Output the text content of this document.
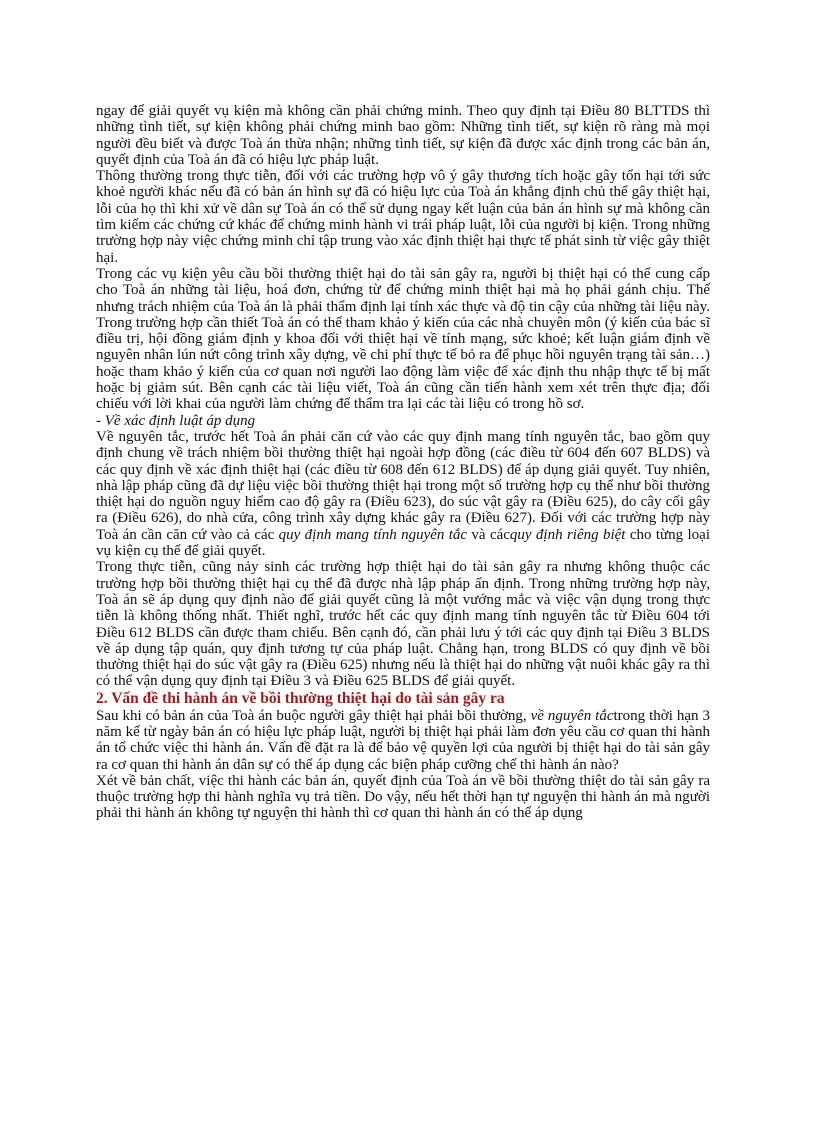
ngay để giải quyết vụ kiện mà không cần phải chứng minh. Theo quy định tại Điều 80 BLTTDS thì những tình tiết, sự kiện không phải chứng minh bao gồm: Những tình tiết, sự kiện rõ ràng mà mọi người đều biết và được Toà án thừa nhận; những tình tiết, sự kiện đã được xác định trong các bản án, quyết định của Toà án đã có hiệu lực pháp luật.

Thông thường trong thực tiễn, đối với các trường hợp vô ý gây thương tích hoặc gây tổn hại tới sức khoẻ người khác nếu đã có bản án hình sự đã có hiệu lực của Toà án khẳng định chủ thể gây thiệt hại, lỗi của họ thì khi xử về dân sự Toà án có thể sử dụng ngay kết luận của bản án hình sự mà không cần tìm kiếm các chứng cứ khác để chứng minh hành vi trái pháp luật, lỗi của người bị kiện. Trong những trường hợp này việc chứng minh chỉ tập trung vào xác định thiệt hại thực tế phát sinh từ việc gây thiệt hại.

Trong các vụ kiện yêu cầu bồi thường thiệt hại do tài sản gây ra, người bị thiệt hại có thể cung cấp cho Toà án những tài liệu, hoá đơn, chứng từ để chứng minh thiệt hại mà họ phải gánh chịu. Thế nhưng trách nhiệm của Toà án là phải thẩm định lại tính xác thực và độ tin cậy của những tài liệu này. Trong trường hợp cần thiết Toà án có thể tham khảo ý kiến của các nhà chuyên môn (ý kiến của bác sĩ điều trị, hội đồng giám định y khoa đối với thiệt hại về tính mạng, sức khoẻ; kết luận giám định về nguyên nhân lún nứt công trình xây dựng, về chi phí thực tế bỏ ra để phục hồi nguyên trạng tài sản…) hoặc tham khảo ý kiến của cơ quan nơi người lao động làm việc để xác định thu nhập thực tế bị mất hoặc bị giảm sút. Bên cạnh các tài liệu viết, Toà án cũng cần tiến hành xem xét trên thực địa; đối chiếu với lời khai của người làm chứng để thẩm tra lại các tài liệu có trong hồ sơ.

- Về xác định luật áp dụng

Về nguyên tắc, trước hết Toà án phải căn cứ vào các quy định mang tính nguyên tắc, bao gồm quy định chung về trách nhiệm bồi thường thiệt hại ngoài hợp đồng (các điều từ 604 đến 607 BLDS) và các quy định về xác định thiệt hại (các điều từ 608 đến 612 BLDS) để áp dụng giải quyết. Tuy nhiên, nhà lập pháp cũng đã dự liệu việc bồi thường thiệt hại trong một số trường hợp cụ thể như bồi thường thiệt hại do nguồn nguy hiểm cao độ gây ra (Điều 623), do súc vật gây ra (Điều 625), do cây cối gây ra (Điều 626), do nhà cửa, công trình xây dựng khác gây ra (Điều 627). Đối với các trường hợp này Toà án cần căn cứ vào cả các quy định mang tính nguyên tắc và cácquy định riêng biệt cho từng loại vụ kiện cụ thể để giải quyết.

Trong thực tiễn, cũng nảy sinh các trường hợp thiệt hại do tài sản gây ra nhưng không thuộc các trường hợp bồi thường thiệt hại cụ thể đã được nhà lập pháp ấn định. Trong những trường hợp này, Toà án sẽ áp dụng quy định nào để giải quyết cũng là một vướng mắc và việc vận dụng trong thực tiễn là không thống nhất. Thiết nghĩ, trước hết các quy định mang tính nguyên tắc từ Điều 604 tới Điều 612 BLDS cần được tham chiếu. Bên cạnh đó, cần phải lưu ý tới các quy định tại Điều 3 BLDS về áp dụng tập quán, quy định tương tự của pháp luật. Chẳng hạn, trong BLDS có quy định về bồi thường thiệt hại do súc vật gây ra (Điều 625) nhưng nếu là thiệt hại do những vật nuôi khác gây ra thì có thể vận dụng quy định tại Điều 3 và Điều 625 BLDS để giải quyết.

2. Vấn đề thi hành án về bồi thường thiệt hại do tài sản gây ra

Sau khi có bản án của Toà án buộc người gây thiệt hại phải bồi thường, về nguyên tắctrong thời hạn 3 năm kể từ ngày bản án có hiệu lực pháp luật, người bị thiệt hại phải làm đơn yêu cầu cơ quan thi hành án tổ chức việc thi hành án. Vấn đề đặt ra là để bảo vệ quyền lợi của người bị thiệt hại do tài sản gây ra cơ quan thi hành án dân sự có thể áp dụng các biện pháp cưỡng chế thi hành án nào?

Xét về bản chất, việc thi hành các bản án, quyết định của Toà án về bồi thường thiệt do tài sản gây ra thuộc trường hợp thi hành nghĩa vụ trả tiền. Do vậy, nếu hết thời hạn tự nguyện thi hành án mà người phải thi hành án không tự nguyện thi hành thì cơ quan thi hành án có thể áp dụng
